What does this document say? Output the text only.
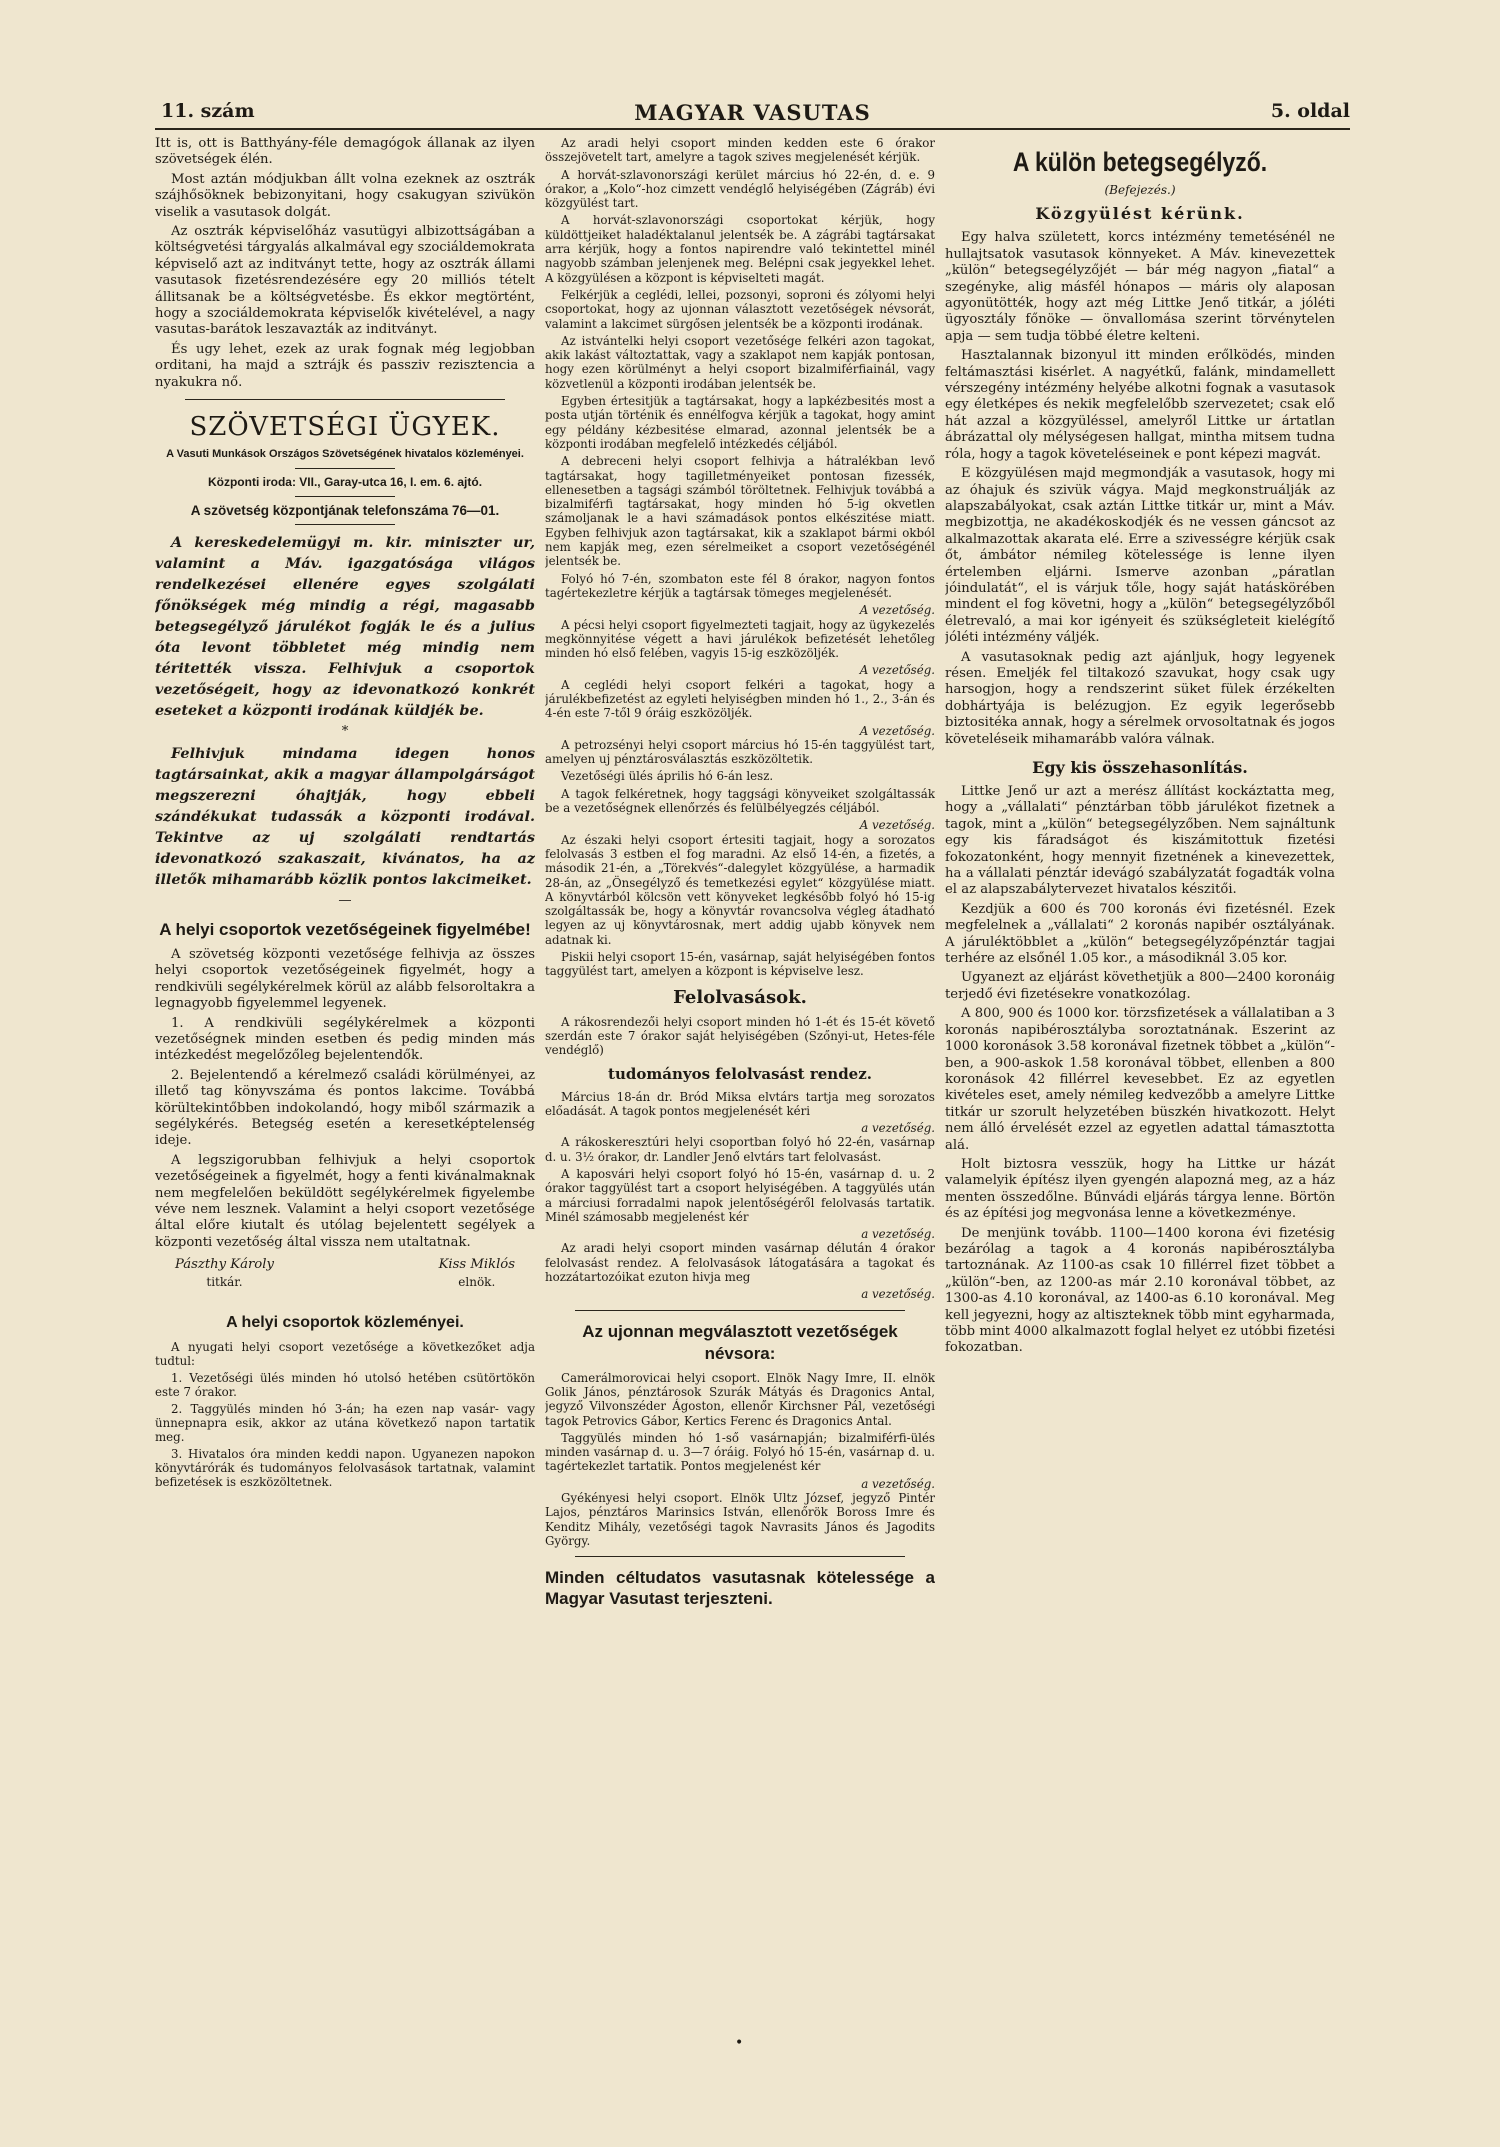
11. szám	MAGYAR VASUTAS	5. oldal

Itt is, ott is Batthyány-féle demagógok állanak az ilyen szövetségek élén.

Most aztán módjukban állt volna ezeknek az osztrák szájhősöknek bebizonyitani, hogy csakugyan szivükön viselik a vasutasok dolgát.

Az osztrák képviselőház vasutügyi albizottságában a költségvetési tárgyalás alkalmával egy szociáldemokrata képviselő azt az inditványt tette, hogy az osztrák állami vasutasok fizetésrendezésére egy 20 milliós tételt állitsanak be a költségvetésbe. És ekkor megtörtént, hogy a szociáldemokrata képviselők kivételével, a nagy vasutas-barátok leszavazták az inditványt.

És ugy lehet, ezek az urak fognak még legjobban orditani, ha majd a sztrájk és passziv rezisztencia a nyakukra nő.

SZÖVETSÉGI ÜGYEK.

A Vasuti Munkások Országos Szövetségének hivatalos közleményei.

Központi iroda: VII., Garay-utca 16, I. em. 6. ajtó.

A szövetség központjának telefonszáma 76—01.

A kereskedelemügyi m. kir. miniszter ur, valamint a Máv. igazgatósága világos rendelkezései ellenére egyes szolgálati főnökségek még mindig a régi, magasabb betegsegélyző járulékot fogják le és a julius óta levont többletet még mindig nem téritették vissza. Felhivjuk a csoportok vezetőségeit, hogy az idevonatkozó konkrét eseteket a központi irodának küldjék be.

*

Felhivjuk mindama idegen honos tagtársainkat, akik a magyar állampolgárságot megszerezni óhajtják, hogy ebbeli szándékukat tudassák a központi irodával. Tekintve az uj szolgálati rendtartás idevonatkozó szakaszait, kivánatos, ha az illetők mihamarább közlik pontos lakcimeiket.

—
A helyi csoportok vezetőségeinek figyelmébe!

A szövetség központi vezetősége felhivja az összes helyi csoportok vezetőségeinek figyelmét, hogy a rendkivüli segélykérelmek körül az alább felsoroltakra a legnagyobb figyelemmel legyenek.

1. A rendkivüli segélykérelmek a központi vezetőségnek minden esetben és pedig minden más intézkedést megelőzőleg bejelentendők.

2. Bejelentendő a kérelmező családi körülményei, az illető tag könyvszáma és pontos lakcime. Továbbá körültekintőbben indokolandó, hogy miből származik a segélykérés. Betegség esetén a keresetképtelenség ideje.

A legszigorubban felhivjuk a helyi csoportok vezetőségeinek a figyelmét, hogy a fenti kivánalmaknak nem megfelelően beküldött segélykérelmek figyelembe véve nem lesznek. Valamint a helyi csoport vezetősége által előre kiutalt és utólag bejelentett segélyek a központi vezetőség által vissza nem utaltatnak.

Pászthy Károly
titkár.
Kiss Miklós
elnök.
A helyi csoportok közleményei.

A nyugati helyi csoport vezetősége a következőket adja tudtul:

1. Vezetőségi ülés minden hó utolsó hetében csütörtökön este 7 órakor.

2. Taggyülés minden hó 3-án; ha ezen nap vasár- vagy ünnepnapra esik, akkor az utána következő napon tartatik meg.

3. Hivatalos óra minden keddi napon. Ugyanezen napokon könyvtárórák és tudományos felolvasások tartatnak, valamint befizetések is eszközöltetnek.

Az aradi helyi csoport minden kedden este 6 órakor összejövetelt tart, amelyre a tagok szives megjelenését kérjük.

A horvát-szlavonországi kerület március hó 22-én, d. e. 9 órakor, a „Kolo“-hoz cimzett vendéglő helyiségében (Zágráb) évi közgyülést tart.

A horvát-szlavonországi csoportokat kérjük, hogy küldöttjeiket haladéktalanul jelentsék be. A zágrábi tagtársakat arra kérjük, hogy a fontos napirendre való tekintettel minél nagyobb számban jelenjenek meg. Belépni csak jegyekkel lehet. A közgyülésen a központ is képviselteti magát.

Felkérjük a ceglédi, lellei, pozsonyi, soproni és zólyomi helyi csoportokat, hogy az ujonnan választott vezetőségek névsorát, valamint a lakcimet sürgősen jelentsék be a központi irodának.

Az istvántelki helyi csoport vezetősége felkéri azon tagokat, akik lakást változtattak, vagy a szaklapot nem kapják pontosan, hogy ezen körülményt a helyi csoport bizalmiférfiainál, vagy közvetlenül a központi irodában jelentsék be.

Egyben értesitjük a tagtársakat, hogy a lapkézbesités most a posta utján történik és ennélfogva kérjük a tagokat, hogy amint egy példány kézbesitése elmarad, azonnal jelentsék be a központi irodában megfelelő intézkedés céljából.

A debreceni helyi csoport felhivja a hátralékban levő tagtársakat, hogy tagilletményeiket pontosan fizessék, ellenesetben a tagsági számból töröltetnek. Felhivjuk továbbá a bizalmiférfi tagtársakat, hogy minden hó 5-ig okvetlen számoljanak le a havi számadások pontos elkészitése miatt. Egyben felhivjuk azon tagtársakat, kik a szaklapot bármi okból nem kapják meg, ezen sérelmeiket a csoport vezetőségénél jelentsék be.

Folyó hó 7-én, szombaton este fél 8 órakor, nagyon fontos tagértekezletre kérjük a tagtársak tömeges megjelenését.

A vezetőség.

A pécsi helyi csoport figyelmezteti tagjait, hogy az ügykezelés megkönnyitése végett a havi járulékok befizetését lehetőleg minden hó első felében, vagyis 15-ig eszközöljék.

A vezetőség.

A ceglédi helyi csoport felkéri a tagokat, hogy a járulékbefizetést az egyleti helyiségben minden hó 1., 2., 3-án és 4-én este 7-től 9 óráig eszközöljék.

A vezetőség.

A petrozsényi helyi csoport március hó 15-én taggyülést tart, amelyen uj pénztárosválasztás eszközöltetik.

Vezetőségi ülés április hó 6-án lesz.

A tagok felkéretnek, hogy taggsági könyveiket szolgáltassák be a vezetőségnek ellenőrzés és felülbélyegzés céljából.

A vezetőség.

Az északi helyi csoport értesiti tagjait, hogy a sorozatos felolvasás 3 estben el fog maradni. Az első 14-én, a fizetés, a második 21-én, a „Törekvés“-dalegylet közgyülése, a harmadik 28-án, az „Önsegélyző és temetkezési egylet“ közgyülése miatt. A könyvtárból kölcsön vett könyveket legkésőbb folyó hó 15-ig szolgáltassák be, hogy a könyvtár rovancsolva végleg átadható legyen az uj könyvtárosnak, mert addig ujabb könyvek nem adatnak ki.

Piskii helyi csoport 15-én, vasárnap, saját helyiségében fontos taggyülést tart, amelyen a központ is képviselve lesz.

Felolvasások.

A rákosrendezői helyi csoport minden hó 1-ét és 15-ét követő szerdán este 7 órakor saját helyiségében (Szőnyi-ut, Hetes-féle vendéglő)

tudományos felolvasást rendez.

Március 18-án dr. Bród Miksa elvtárs tartja meg sorozatos előadását. A tagok pontos megjelenését kéri

a vezetőség.

A rákoskeresztúri helyi csoportban folyó hó 22-én, vasárnap d. u. 3½ órakor, dr. Landler Jenő elvtárs tart felolvasást.

A kaposvári helyi csoport folyó hó 15-én, vasárnap d. u. 2 órakor taggyülést tart a csoport helyiségében. A taggyülés után a márciusi forradalmi napok jelentőségéről felolvasás tartatik. Minél számosabb megjelenést kér

a vezetőség.

Az aradi helyi csoport minden vasárnap délután 4 órakor felolvasást rendez. A felolvasások látogatására a tagokat és hozzátartozóikat ezuton hivja meg

a vezetőség.
Az ujonnan megválasztott vezetőségek névsora:

Camerálmorovicai helyi csoport. Elnök Nagy Imre, II. elnök Golik János, pénztárosok Szurák Mátyás és Dragonics Antal, jegyző Vilvonszéder Ágoston, ellenőr Kirchsner Pál, vezetőségi tagok Petrovics Gábor, Kertics Ferenc és Dragonics Antal.

Taggyülés minden hó 1-ső vasárnapján; bizalmiférfi-ülés minden vasárnap d. u. 3—7 óráig. Folyó hó 15-én, vasárnap d. u. tagértekezlet tartatik. Pontos megjelenést kér

a vezetőség.

Gyékényesi helyi csoport. Elnök Ultz József, jegyző Pintér Lajos, pénztáros Marinsics István, ellenőrök Boross Imre és Kenditz Mihály, vezetőségi tagok Navrasits János és Jagodits György.

Minden céltudatos vasutasnak kötelessége a Magyar Vasutast terjeszteni.

A külön betegsegélyző.
(Befejezés.)
Közgyülést kérünk.

Egy halva született, korcs intézmény temetésénél ne hullajtsatok vasutasok könnyeket. A Máv. kinevezettek „külön“ betegsegélyzőjét — bár még nagyon „fiatal“ a szegényke, alig másfél hónapos — máris oly alaposan agyonütötték, hogy azt még Littke Jenő titkár, a jóléti ügyosztály főnöke — önvallomása szerint törvénytelen apja — sem tudja többé életre kelteni.

Hasztalannak bizonyul itt minden erőlködés, minden feltámasztási kisérlet. A nagyétkű, falánk, mindamellett vérszegény intézmény helyébe alkotni fognak a vasutasok egy életképes és nekik megfelelőbb szervezetet; csak elő hát azzal a közgyüléssel, amelyről Littke ur ártatlan ábrázattal oly mélységesen hallgat, mintha mitsem tudna róla, hogy a tagok követeléseinek e pont képezi magvát.

E közgyülésen majd megmondják a vasutasok, hogy mi az óhajuk és szivük vágya. Majd megkonstruálják az alapszabályokat, csak aztán Littke titkár ur, mint a Máv. megbizottja, ne akadékoskodjék és ne vessen gáncsot az alkalmazottak akarata elé. Erre a szivességre kérjük csak őt, ámbátor némileg kötelessége is lenne ilyen értelemben eljárni. Ismerve azonban „páratlan jóindulatát“, el is várjuk tőle, hogy saját hatáskörében mindent el fog követni, hogy a „külön“ betegsegélyzőből életrevaló, a mai kor igényeit és szükségleteit kielégítő jóléti intézmény váljék.

A vasutasoknak pedig azt ajánljuk, hogy legyenek résen. Emeljék fel tiltakozó szavukat, hogy csak ugy harsogjon, hogy a rendszerint süket fülek érzékelten dobhártyája is belézugjon. Ez egyik legerősebb biztositéka annak, hogy a sérelmek orvosoltatnak és jogos követeléseik mihamarább valóra válnak.

Egy kis összehasonlítás.

Littke Jenő ur azt a merész állítást kockáztatta meg, hogy a „vállalati“ pénztárban több járulékot fizetnek a tagok, mint a „külön“ betegsegélyzőben. Nem sajnáltunk egy kis fáradságot és kiszámitottuk fizetési fokozatonként, hogy mennyit fizetnének a kinevezettek, ha a vállalati pénztár idevágó szabályzatát fogadták volna el az alapszabálytervezet hivatalos készitői.

Kezdjük a 600 és 700 koronás évi fizetésnél. Ezek megfelelnek a „vállalati“ 2 koronás napibér osztályának. A járuléktöbblet a „külön“ betegsegélyzőpénztár tagjai terhére az elsőnél 1.05 kor., a másodiknál 3.05 kor.

Ugyanezt az eljárást követhetjük a 800—2400 koronáig terjedő évi fizetésekre vonatkozólag.

A 800, 900 és 1000 kor. törzsfizetések a vállalatiban a 3 koronás napibérosztályba soroztatnának. Eszerint az 1000 koronások 3.58 koronával fizetnek többet a „külön“-ben, a 900-askok 1.58 koronával többet, ellenben a 800 koronások 42 fillérrel kevesebbet. Ez az egyetlen kivételes eset, amely némileg kedvezőbb a amelyre Littke titkár ur szorult helyzetében büszkén hivatkozott. Helyt nem álló érvelését ezzel az egyetlen adattal támasztotta alá.

Holt biztosra vesszük, hogy ha Littke ur házát valamelyik építész ilyen gyengén alapozná meg, az a ház menten összedőlne. Bűnvádi eljárás tárgya lenne. Börtön és az építési jog megvonása lenne a következménye.

De menjünk tovább. 1100—1400 korona évi fizetésig bezárólag a tagok a 4 koronás napibérosztályba tartoznának. Az 1100-as csak 10 fillérrel fizet többet a „külön“-ben, az 1200-as már 2.10 koronával többet, az 1300-as 4.10 koronával, az 1400-as 6.10 koronával. Meg kell jegyezni, hogy az altiszteknek több mint egyharmada, több mint 4000 alkalmazott foglal helyet ez utóbbi fizetési fokozatban.

•
